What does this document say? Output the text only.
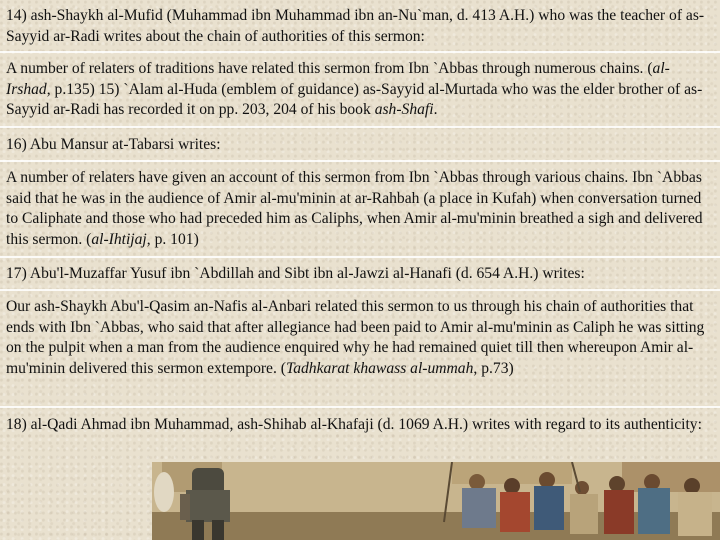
14) ash-Shaykh al-Mufid (Muhammad ibn Muhammad ibn an-Nu`man, d. 413 A.H.) who was the teacher of as-Sayyid ar-Radi writes about the chain of authorities of this sermon:

A number of relaters of traditions have related this sermon from Ibn `Abbas through numerous chains. (al-Irshad, p.135) 15) `Alam al-Huda (emblem of guidance) as-Sayyid al-Murtada who was the elder brother of as-Sayyid ar-Radi has recorded it on pp. 203, 204 of his book ash-Shafi.

16) Abu Mansur at-Tabarsi writes:

A number of relaters have given an account of this sermon from Ibn `Abbas through various chains. Ibn `Abbas said that he was in the audience of Amir al-mu'minin at ar-Rahbah (a place in Kufah) when conversation turned to Caliphate and those who had preceded him as Caliphs, when Amir al-mu'minin breathed a sigh and delivered this sermon. (al-Ihtijaj, p. 101)

17) Abu'l-Muzaffar Yusuf ibn `Abdillah and Sibt ibn al-Jawzi al-Hanafi (d. 654 A.H.) writes:

Our ash-Shaykh Abu'l-Qasim an-Nafis al-Anbari related this sermon to us through his chain of authorities that ends with Ibn `Abbas, who said that after allegiance had been paid to Amir al-mu'minin as Caliph he was sitting on the pulpit when a man from the audience enquired why he had remained quiet till then whereupon Amir al-mu'minin delivered this sermon extempore. (Tadhkarat khawass al-ummah, p.73)

18) al-Qadi Ahmad ibn Muhammad, ash-Shihab al-Khafaji (d. 1069 A.H.) writes with regard to its authenticity:
